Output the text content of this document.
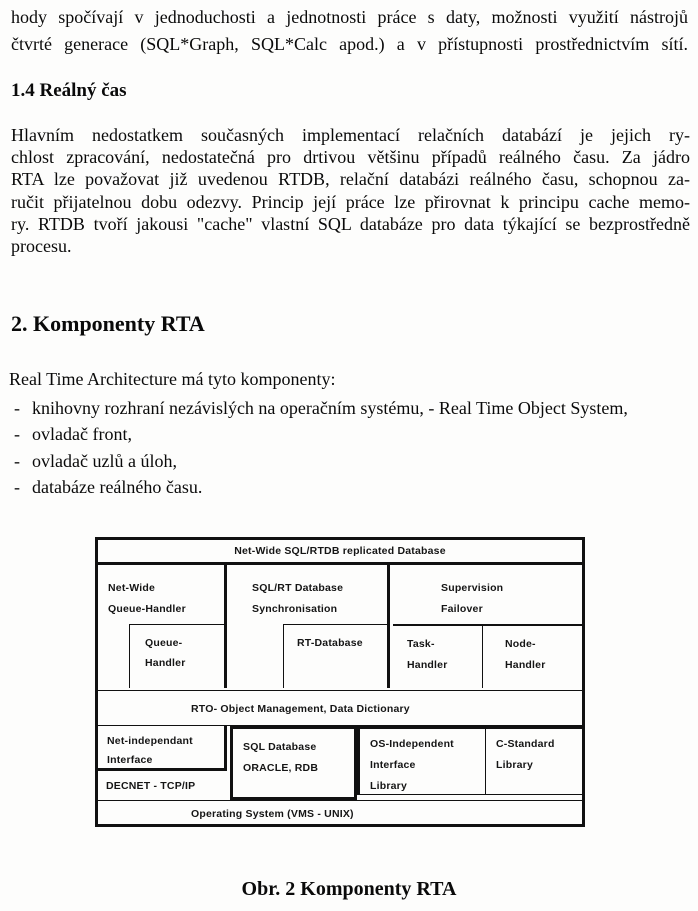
hody spočívají v jednoduchosti a jednotnosti práce s daty, možnosti využití nástrojů
čtvrté generace (SQL*Graph, SQL*Calc apod.) a v přístupnosti prostřednictvím sítí.
1.4 Reálný čas
Hlavním nedostatkem současných implementací relačních databází je jejich ry-
chlost zpracování, nedostatečná pro drtivou většinu případů reálného času. Za jádro
RTA lze považovat již uvedenou RTDB, relační databázi reálného času, schopnou za-
ručit přijatelnou dobu odezvy. Princip její práce lze přirovnat k principu cache memo-
ry. RTDB tvoří jakousi "cache" vlastní SQL databáze pro data týkající se bezprostředně
procesu.
2. Komponenty RTA
Real Time Architecture má tyto komponenty:
- knihovny rozhraní nezávislých na operačním systému, - Real Time Object System,

- ovladač front,

- ovladač uzlů a úloh,

- databáze reálného času.

Net-Wide SQL/RTDB replicated Database
Net-Wide
Queue-Handler
Queue-
Handler
SQL/RT Database
Synchronisation
RT-Database
Supervision
Failover
Task-
Handler
Node-
Handler
RTO- Object Management, Data Dictionary
Net-independant
Interface
SQL Database
ORACLE, RDB
OS-Independent
Interface
Library
C-Standard
Library
DECNET - TCP/IP
Operating System (VMS - UNIX)
Obr. 2 Komponenty RTA
